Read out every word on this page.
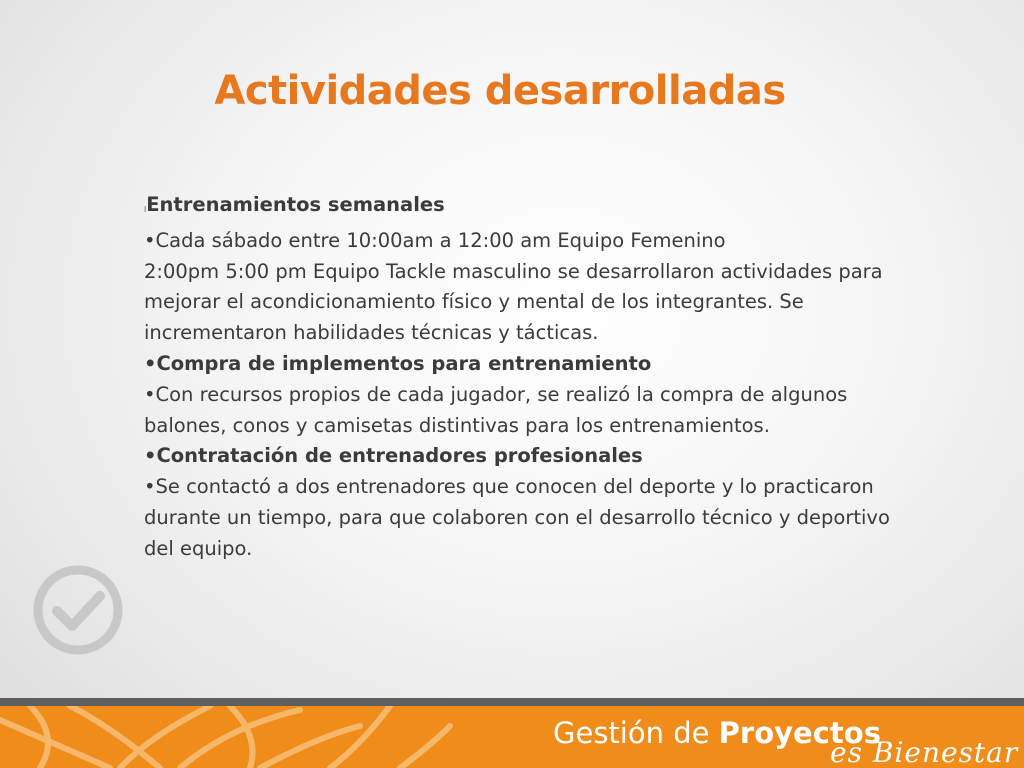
Actividades desarrolladas

lEntrenamientos semanales

•Cada sábado entre 10:00am a 12:00 am Equipo Femenino

2:00pm 5:00 pm Equipo Tackle masculino se desarrollaron actividades para mejorar el acondicionamiento físico y mental de los integrantes. Se incrementaron habilidades técnicas y tácticas.

•Compra de implementos para entrenamiento

•Con recursos propios de cada jugador, se realizó la compra de algunos balones, conos y camisetas distintivas para los entrenamientos.

•Contratación de entrenadores profesionales

•Se contactó a dos entrenadores que conocen del deporte y lo practicaron durante un tiempo, para que colaboren con el desarrollo técnico y deportivo del equipo.

Gestión de Proyectos
es Bienestar
